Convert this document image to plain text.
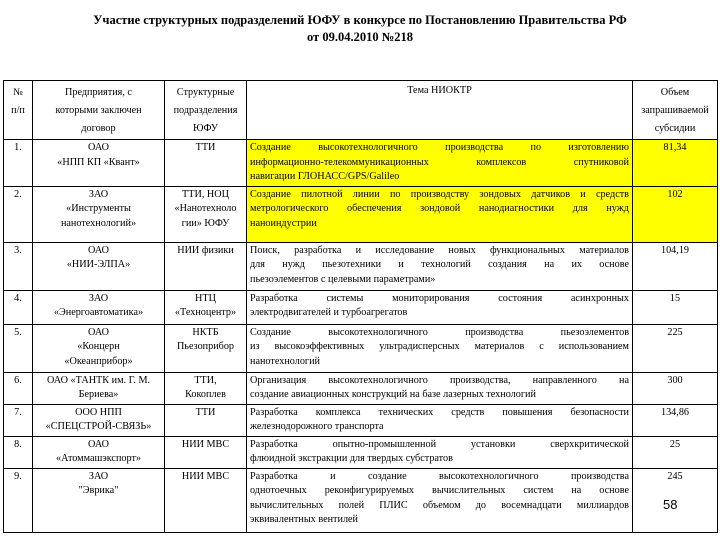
Участие структурных подразделений ЮФУ в конкурсе по Постановлению Правительства РФ
от 09.04.2010 №218
№
п/п	Предприятия, с
которыми заключен
договор	Структурные
подразделения
ЮФУ	Тема НИОКТР	Объем
запрашиваемой
субсидии

1.	ОАО
«НПП КП «Квант»	ТТИ	Создание высокотехнологичного производства по изготовлению
информационно-телекоммуникационных комплексов спутниковой
навигации ГЛОНАСС/GPS/Galileo	81,34
2.	ЗАО
«Инструменты
нанотехнологий»	ТТИ, НОЦ
«Нанотехноло
гии» ЮФУ	Создание пилотной линии по производству зондовых датчиков и средств
метрологического обеспечения зондовой нанодиагностики для нужд
наноиндустрии	102
3.	ОАО
«НИИ-ЭЛПА»	НИИ физики	Поиск, разработка и исследование новых функциональных материалов
для нужд пьезотехники и технологий создания на их основе
пьезоэлементов с целевыми параметрами»	104,19
4.	ЗАО
«Энергоавтоматика»	НТЦ
«Техноцентр»	Разработка системы мониторирования состояния асинхронных
электродвигателей и турбоагрегатов	15
5.	ОАО
«Концерн
«Океанприбор»	НКТБ
Пьезоприбор	Создание высокотехнологичного производства пьезоэлементов
из высокоэффективных ультрадисперсных материалов с использованием
нанотехнологий	225
6.	ОАО «ТАНТК им. Г. М.
Бериева»	ТТИ,
Кокоплев	Организация высокотехнологичного производства, направленного на
создание авиационных конструкций на базе лазерных технологий	300
7.	ООО НПП
«СПЕЦСТРОЙ-СВЯЗЬ»	ТТИ	Разработка комплекса технических средств повышения безопасности
железнодорожного транспорта	134,86
8.	ОАО
«Атоммашэкспорт»	НИИ МВС	Разработка опытно-промышленной установки сверхкритической
флюидной экстракции для твердых субстратов	25
9.	ЗАО
"Эврика"	НИИ МВС	Разработка и создание высокотехнологичного производства
однотоечных реконфигурируемых вычислительных систем на основе
вычислительных полей ПЛИС объемом до восемнадцати миллиардов
эквивалентных вентилей	245
58
